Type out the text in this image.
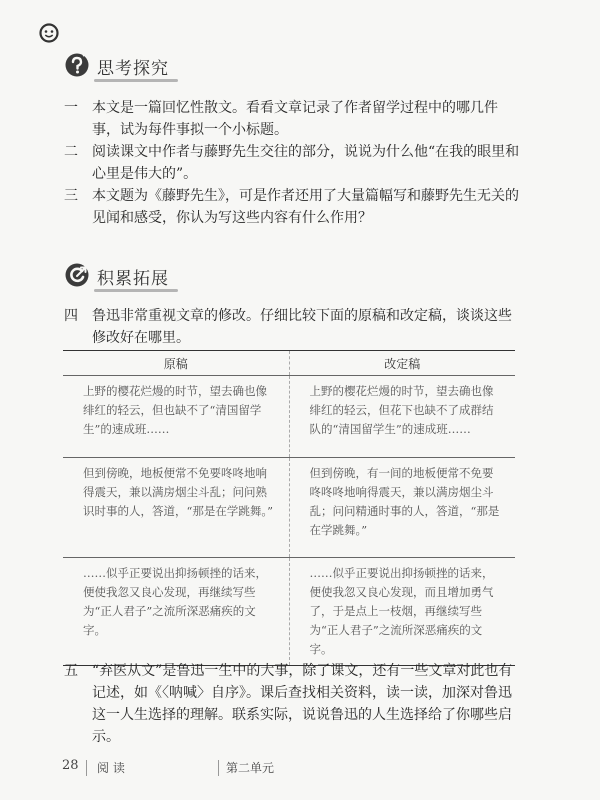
思考探究
一	本文是一篇回忆性散文。看看文章记录了作者留学过程中的哪几件事，试为每件事拟一个小标题。
二	阅读课文中作者与藤野先生交往的部分，说说为什么他“在我的眼里和心里是伟大的”。
三	本文题为《藤野先生》，可是作者还用了大量篇幅写和藤野先生无关的见闻和感受，你认为写这些内容有什么作用？
积累拓展
四	鲁迅非常重视文章的修改。仔细比较下面的原稿和改定稿，谈谈这些修改好在哪里。
原稿	改定稿
上野的樱花烂熳的时节，望去确也像绯红的轻云，但也缺不了“清国留学生”的速成班……	上野的樱花烂熳的时节，望去确也像绯红的轻云，但花下也缺不了成群结队的“清国留学生”的速成班……
但到傍晚，地板便常不免要咚咚地响得震天，兼以满房烟尘斗乱；问问熟识时事的人，答道，“那是在学跳舞。”	但到傍晚，有一间的地板便常不免要咚咚咚地响得震天，兼以满房烟尘斗乱；问问精通时事的人，答道，“那是在学跳舞。”
……似乎正要说出抑扬顿挫的话来，便使我忽又良心发现，再继续写些为“正人君子”之流所深恶痛疾的文字。	……似乎正要说出抑扬顿挫的话来，便使我忽又良心发现，而且增加勇气了，于是点上一枝烟，再继续写些为“正人君子”之流所深恶痛疾的文字。
五	“弃医从文”是鲁迅一生中的大事，除了课文，还有一些文章对此也有记述，如《〈呐喊〉自序》。课后查找相关资料，读一读，加深对鲁迅这一人生选择的理解。联系实际，说说鲁迅的人生选择给了你哪些启示。
28 阅 读	第二单元
